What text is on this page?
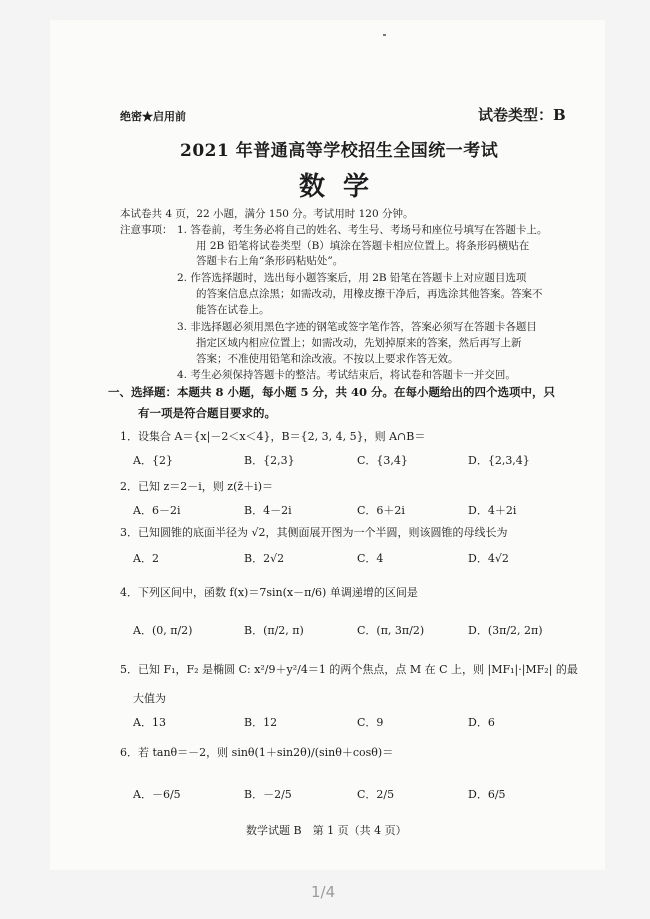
绝密★启用前	试卷类型：B
2021 年普通高等学校招生全国统一考试
数学
本试卷共 4 页，22 小题，满分 150 分。考试用时 120 分钟。
注意事项： 1. 答卷前，考生务必将自己的姓名、考生号、考场号和座位号填写在答题卡上。
用 2B 铅笔将试卷类型（B）填涂在答题卡相应位置上。将条形码横贴在
答题卡右上角“条形码粘贴处”。
2. 作答选择题时，选出每小题答案后，用 2B 铅笔在答题卡上对应题目选项
的答案信息点涂黑；如需改动，用橡皮擦干净后，再选涂其他答案。答案不
能答在试卷上。
3. 非选择题必须用黑色字迹的钢笔或签字笔作答，答案必须写在答题卡各题目
指定区域内相应位置上；如需改动，先划掉原来的答案，然后再写上新
答案；不准使用铅笔和涂改液。不按以上要求作答无效。
4. 考生必须保持答题卡的整洁。考试结束后，将试卷和答题卡一并交回。
一、选择题：本题共 8 小题，每小题 5 分，共 40 分。在每小题给出的四个选项中，只
有一项是符合题目要求的。
1．设集合 A＝{x|－2＜x＜4}，B＝{2, 3, 4, 5}，则 A∩B＝
A．{2}	B．{2,3}	C．{3,4}	D．{2,3,4}
2．已知 z＝2－i，则 z(z̄＋i)＝
A．6－2i	B．4－2i	C．6＋2i	D．4＋2i
3．已知圆锥的底面半径为 √2，其侧面展开图为一个半圆，则该圆锥的母线长为
A．2	B．2√2	C．4	D．4√2
4．下列区间中，函数 f(x)＝7sin(x－π/6) 单调递增的区间是
A．(0, π/2)	B．(π/2, π)	C．(π, 3π/2)	D．(3π/2, 2π)
5．已知 F₁，F₂ 是椭圆 C: x²/9＋y²/4＝1 的两个焦点，点 M 在 C 上，则 |MF₁|·|MF₂| 的最
大值为
A．13	B．12	C．9	D．6
6．若 tanθ＝－2，则 sinθ(1＋sin2θ)/(sinθ＋cosθ)＝
A．－6/5	B．－2/5	C．2/5	D．6/5
数学试题 B　第 1 页（共 4 页）
1/4
